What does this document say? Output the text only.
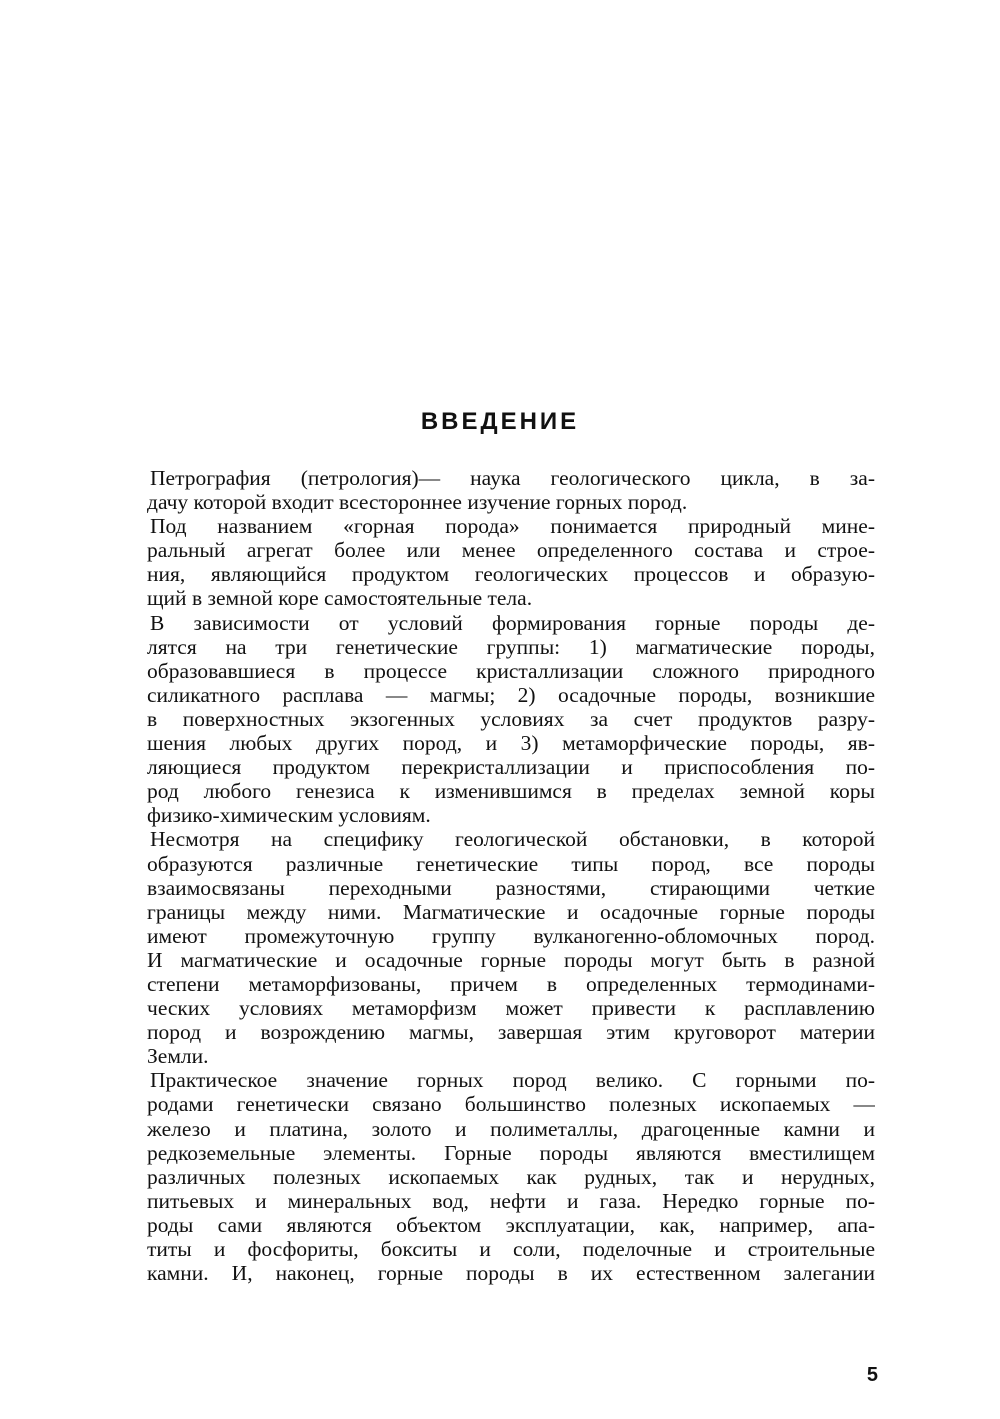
ВВЕДЕНИЕ
Петрография (петрология)— наука геологического цикла, в за-
дачу которой входит всестороннее изучение горных пород.
Под названием «горная порода» понимается природный мине-
ральный агрегат более или менее определенного состава и строе-
ния, являющийся продуктом геологических процессов и образую-
щий в земной коре самостоятельные тела.
В зависимости от условий формирования горные породы де-
лятся на три генетические группы: 1) магматические породы,
образовавшиеся в процессе кристаллизации сложного природного
силикатного расплава — магмы; 2) осадочные породы, возникшие
в поверхностных экзогенных условиях за счет продуктов разру-
шения любых других пород, и 3) метаморфические породы, яв-
ляющиеся продуктом перекристаллизации и приспособления по-
род любого генезиса к изменившимся в пределах земной коры
физико-химическим условиям.
Несмотря на специфику геологической обстановки, в которой
образуются различные генетические типы пород, все породы
взаимосвязаны переходными разностями, стирающими четкие
границы между ними. Магматические и осадочные горные породы
имеют промежуточную группу вулканогенно-обломочных пород.
И магматические и осадочные горные породы могут быть в разной
степени метаморфизованы, причем в определенных термодинами-
ческих условиях метаморфизм может привести к расплавлению
пород и возрождению магмы, завершая этим круговорот материи
Земли.
Практическое значение горных пород велико. С горными по-
родами генетически связано большинство полезных ископаемых —
железо и платина, золото и полиметаллы, драгоценные камни и
редкоземельные элементы. Горные породы являются вместилищем
различных полезных ископаемых как рудных, так и нерудных,
питьевых и минеральных вод, нефти и газа. Нередко горные по-
роды сами являются объектом эксплуатации, как, например, апа-
титы и фосфориты, бокситы и соли, поделочные и строительные
камни. И, наконец, горные породы в их естественном залегании
5
